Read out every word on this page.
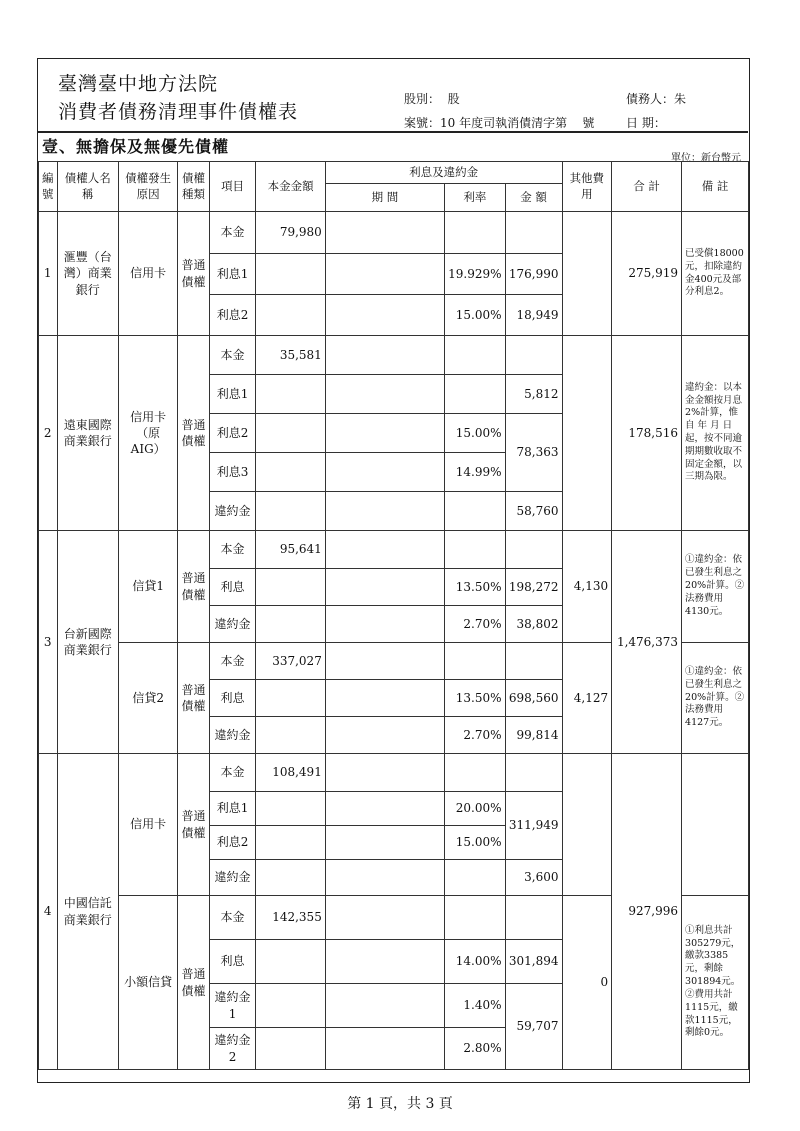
臺灣臺中地方法院
消費者債務清理事件債權表
股別： 股	債務人：朱
案號：10 年度司執消債清字第 號	日 期：
壹、無擔保及無優先債權
單位：新台幣元
編號	債權人名稱	債權發生原因	債權種類	項目	本金金額	利息及違約金			其他費用	合 計	備 註
						期 間	利率	金 額			
1	滙豐（台灣）商業銀行	信用卡	普通債權	本金	79,980					275,919	已受償18000元，扣除違約金400元及部分利息2。
				利息1			19.929%	176,990			
				利息2			15.00%	18,949			
2	遠東國際商業銀行	信用卡（原AIG）	普通債權	本金	35,581					178,516	違約金：以本金金額按月息2%計算，惟自 年 月 日起，按不同逾期期數收取不固定金額，以三期為限。
				利息1				5,812			
				利息2			15.00%	78,363			
				利息3			14.99%				
				違約金				58,760			
3	台新國際商業銀行	信貸1	普通債權	本金	95,641				4,130	1,476,373	①違約金：依已發生利息之20%計算。②法務費用4130元。
				利息			13.50%	198,272			
				違約金			2.70%	38,802			
		信貸2	普通債權	本金	337,027				4,127		①違約金：依已發生利息之20%計算。②法務費用4127元。
				利息			13.50%	698,560			
				違約金			2.70%	99,814			
4	中國信託商業銀行	信用卡	普通債權	本金	108,491					927,996	
				利息1			20.00%	311,949			
				利息2			15.00%				
				違約金				3,600			
		小額信貸	普通債權	本金	142,355				0		①利息共計305279元，繳款3385元，剩餘301894元。②費用共計1115元，繳款1115元，剩餘0元。
				利息			14.00%	301,894			
				違約金1			1.40%	59,707			
				違約金2			2.80%				
第 1 頁，共 3 頁
